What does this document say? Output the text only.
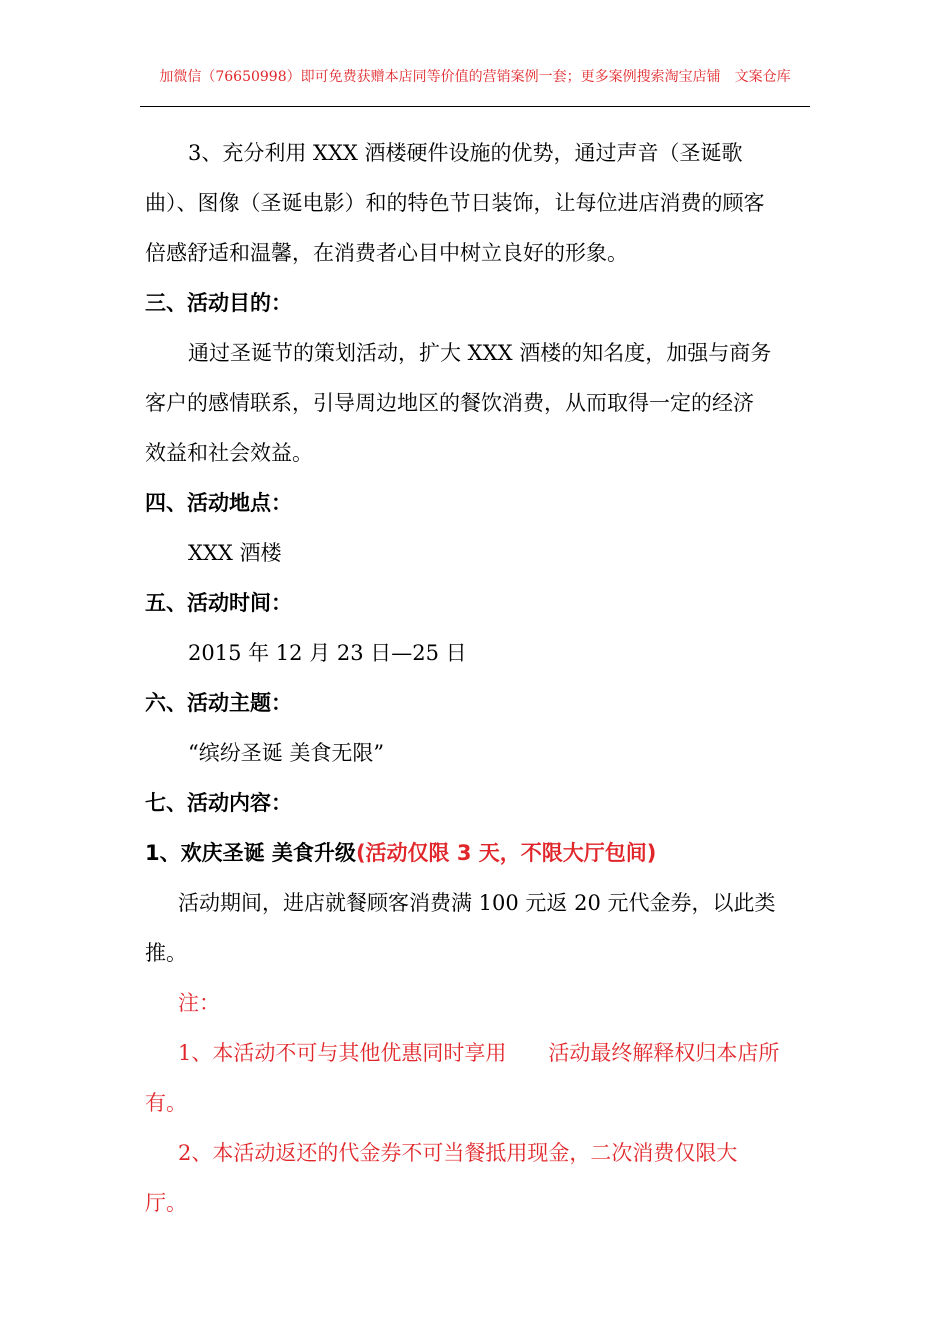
加微信（76650998）即可免费获赠本店同等价值的营销案例一套；更多案例搜索淘宝店铺　文案仓库
3、充分利用 XXX 酒楼硬件设施的优势，通过声音（圣诞歌
曲）、图像（圣诞电影）和的特色节日装饰，让每位进店消费的顾客
倍感舒适和温馨，在消费者心目中树立良好的形象。
三、活动目的：
通过圣诞节的策划活动，扩大 XXX 酒楼的知名度，加强与商务
客户的感情联系，引导周边地区的餐饮消费，从而取得一定的经济
效益和社会效益。
四、活动地点：
XXX 酒楼
五、活动时间：
2015 年 12 月 23 日—25 日
六、活动主题：
“缤纷圣诞 美食无限”
七、活动内容：
1、欢庆圣诞 美食升级(活动仅限 3 天，不限大厅包间)
活动期间，进店就餐顾客消费满 100 元返 20 元代金券，以此类
推。
注：
1、本活动不可与其他优惠同时享用　　活动最终解释权归本店所
有。
2、本活动返还的代金券不可当餐抵用现金，二次消费仅限大
厅。
